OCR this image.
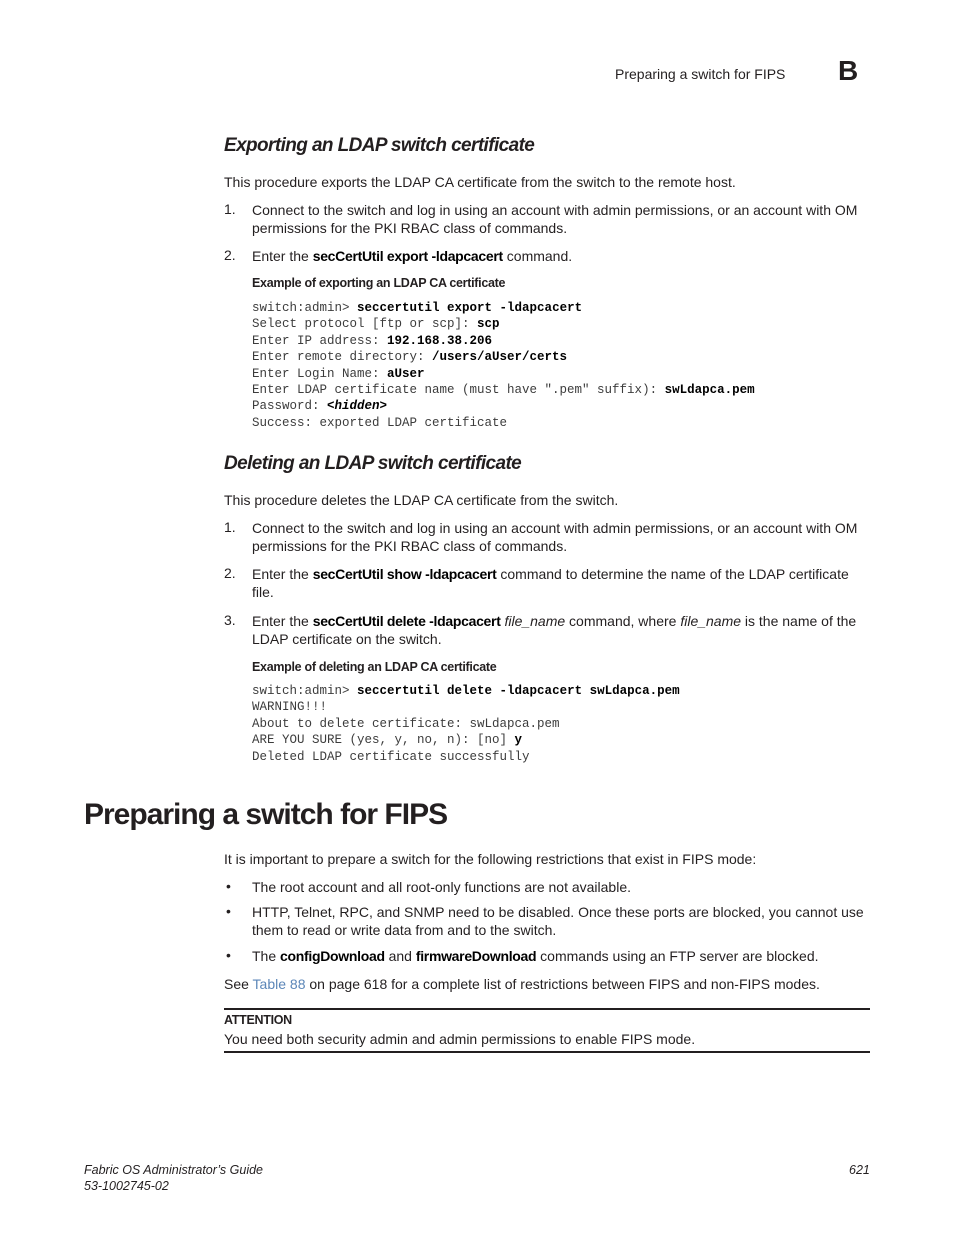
Preparing a switch for FIPS B
Exporting an LDAP switch certificate
This procedure exports the LDAP CA certificate from the switch to the remote host.
1. Connect to the switch and log in using an account with admin permissions, or an account with OM permissions for the PKI RBAC class of commands.
2. Enter the secCertUtil export -ldapcacert command.
Example of exporting an LDAP CA certificate
switch:admin> seccertutil export -ldapcacert
Select protocol [ftp or scp]: scp
Enter IP address: 192.168.38.206
Enter remote directory: /users/aUser/certs
Enter Login Name: aUser
Enter LDAP certificate name (must have ".pem" suffix): swLdapca.pem
Password: <hidden>
Success: exported LDAP certificate
Deleting an LDAP switch certificate
This procedure deletes the LDAP CA certificate from the switch.
1. Connect to the switch and log in using an account with admin permissions, or an account with OM permissions for the PKI RBAC class of commands.
2. Enter the secCertUtil show -ldapcacert command to determine the name of the LDAP certificate file.
3. Enter the secCertUtil delete -ldapcacert file_name command, where file_name is the name of the LDAP certificate on the switch.
Example of deleting an LDAP CA certificate
switch:admin> seccertutil delete -ldapcacert swLdapca.pem
WARNING!!!
About to delete certificate: swLdapca.pem
ARE YOU SURE (yes, y, no, n): [no] y
Deleted LDAP certificate successfully
Preparing a switch for FIPS
It is important to prepare a switch for the following restrictions that exist in FIPS mode:
• The root account and all root-only functions are not available.
• HTTP, Telnet, RPC, and SNMP need to be disabled. Once these ports are blocked, you cannot use them to read or write data from and to the switch.
• The configDownload and firmwareDownload commands using an FTP server are blocked.
See Table 88 on page 618 for a complete list of restrictions between FIPS and non-FIPS modes.
ATTENTION
You need both security admin and admin permissions to enable FIPS mode.
Fabric OS Administrator’s Guide
53-1002745-02
621
